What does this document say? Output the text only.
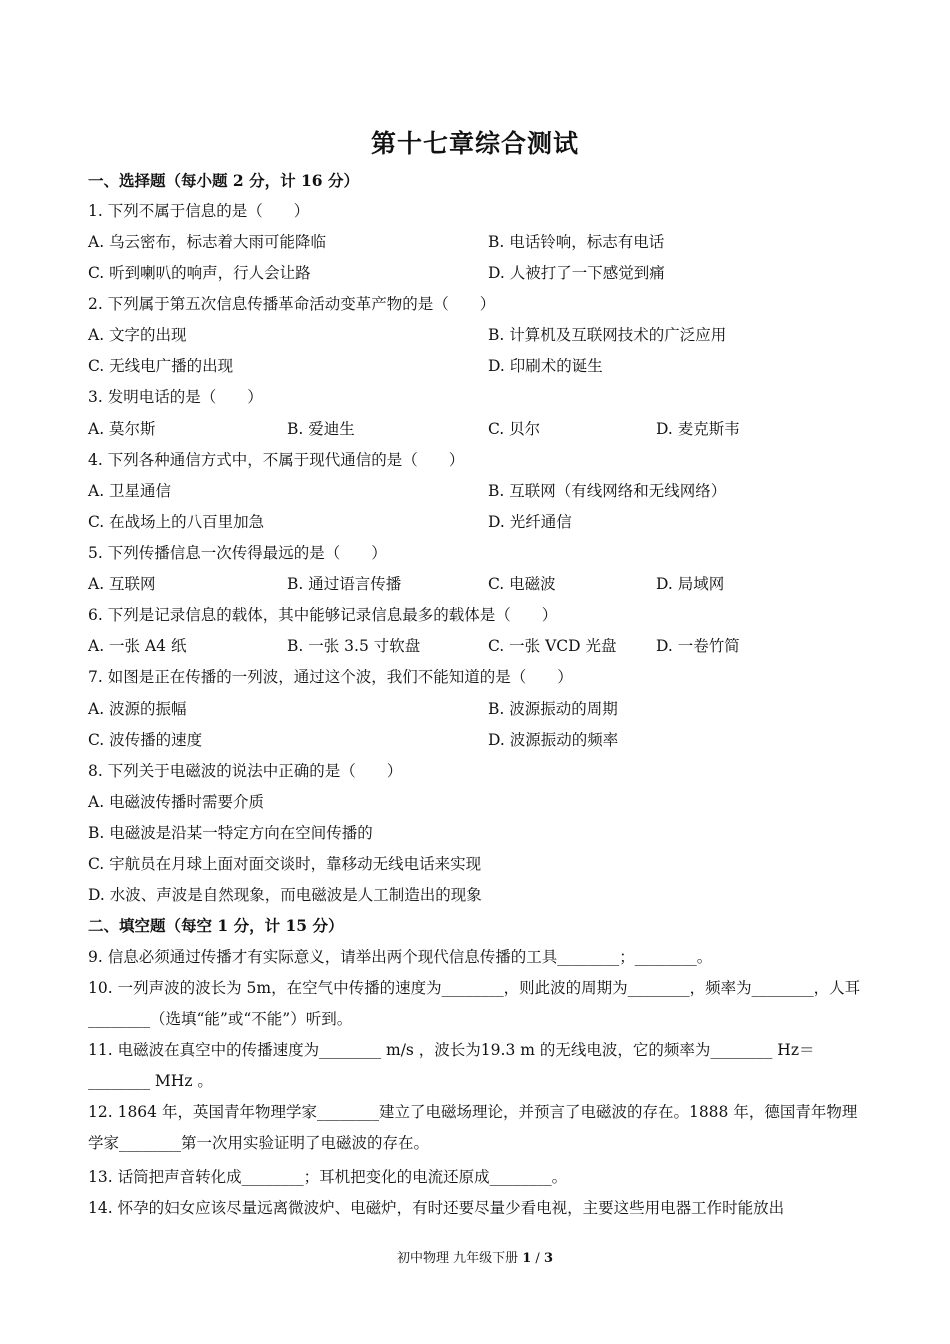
第十七章综合测试
一、选择题（每小题 2 分，计 16 分）
1. 下列不属于信息的是（　　）
A. 乌云密布，标志着大雨可能降临	B. 电话铃响，标志有电话
C. 听到喇叭的响声，行人会让路	D. 人被打了一下感觉到痛
2. 下列属于第五次信息传播革命活动变革产物的是（　　）
A. 文字的出现	B. 计算机及互联网技术的广泛应用
C. 无线电广播的出现	D. 印刷术的诞生
3. 发明电话的是（　　）
A. 莫尔斯	B. 爱迪生	C. 贝尔	D. 麦克斯韦
4. 下列各种通信方式中，不属于现代通信的是（　　）
A. 卫星通信	B. 互联网（有线网络和无线网络）
C. 在战场上的八百里加急	D. 光纤通信
5. 下列传播信息一次传得最远的是（　　）
A. 互联网	B. 通过语言传播	C. 电磁波	D. 局域网
6. 下列是记录信息的载体，其中能够记录信息最多的载体是（　　）
A. 一张 A4 纸	B. 一张 3.5 寸软盘	C. 一张 VCD 光盘	D. 一卷竹简
7. 如图是正在传播的一列波，通过这个波，我们不能知道的是（　　）
A. 波源的振幅	B. 波源振动的周期
C. 波传播的速度	D. 波源振动的频率
8. 下列关于电磁波的说法中正确的是（　　）
A. 电磁波传播时需要介质
B. 电磁波是沿某一特定方向在空间传播的
C. 宇航员在月球上面对面交谈时，靠移动无线电话来实现
D. 水波、声波是自然现象，而电磁波是人工制造出的现象
二、填空题（每空 1 分，计 15 分）
9. 信息必须通过传播才有实际意义，请举出两个现代信息传播的工具________；________。
10. 一列声波的波长为 5m，在空气中传播的速度为________，则此波的周期为________，频率为________，人耳________（选填“能”或“不能”）听到。
11. 电磁波在真空中的传播速度为________ m/s ，波长为19.3 m 的无线电波，它的频率为________ Hz＝________ MHz 。
12. 1864 年，英国青年物理学家________建立了电磁场理论，并预言了电磁波的存在。1888 年，德国青年物理学家________第一次用实验证明了电磁波的存在。
13. 话筒把声音转化成________；耳机把变化的电流还原成________。
14. 怀孕的妇女应该尽量远离微波炉、电磁炉，有时还要尽量少看电视，主要这些用电器工作时能放出
初中物理 九年级下册 1 / 3
